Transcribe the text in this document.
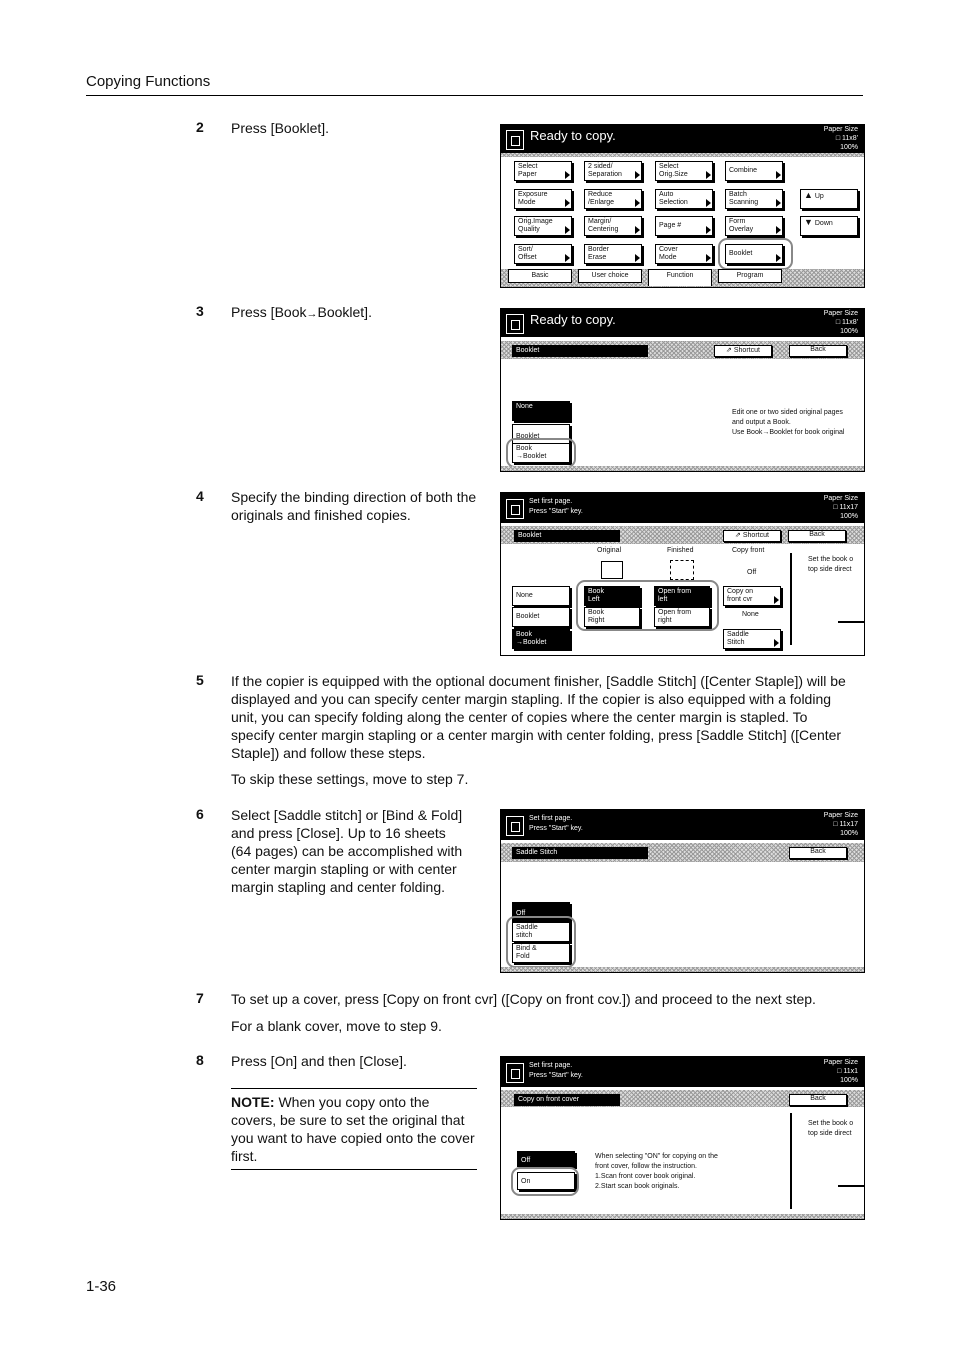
Copying Functions
2 Press [Booklet].	Ready to copy.	Paper Size
□ 11x8'
100%
Select
Paper
2 sided/
Separation
Select
Orig.Size
Combine
Exposure
Mode
Reduce
/Enlarge
Auto
Selection
Batch
Scanning
Orig.Image
Quality
Margin/
Centering
Page #
Form
Overlay
Sort/
Offset
Border
Erase
Cover
Mode
Booklet
▲ Up
▼ Down
Basic	User choice	Function	Program
3 Press [Book→Booklet].	Ready to copy.	Paper Size
□ 11x8'
100%
Booklet	⇗ Shortcut	Back
None
Booklet
Book
→Booklet
Edit one or two sided original pages
and output a Book.
Use Book→Booklet for book original
4 Specify the binding direction of both the
originals and finished copies.
Set first page.
Press "Start" key.
Paper Size
□ 11x17
100%
Booklet	⇗ Shortcut	Back
Original	Finished	Copy front
Off
None
Booklet
Book
→Booklet
Book
Left
Book
Right
Open from
left
Open from
right
Copy on
front cvr
None
Saddle
Stitch
Set the book o
top side direct
5 If the copier is equipped with the optional document finisher, [Saddle Stitch] ([Center Staple]) will be
displayed and you can specify center margin stapling. If the copier is also equipped with a folding
unit, you can specify folding along the center of copies where the center margin is stapled. To
specify center margin stapling or a center margin with center folding, press [Saddle Stitch] ([Center
Staple]) and follow these steps.
To skip these settings, move to step 7.
6 Select [Saddle stitch] or [Bind & Fold]
and press [Close]. Up to 16 sheets
(64 pages) can be accomplished with
center margin stapling or with center
margin stapling and center folding.
Set first page.
Press "Start" key.
Paper Size
□ 11x17
100%
Saddle Stitch	Back
Off
Saddle
stitch
Bind &
Fold
7 To set up a cover, press [Copy on front cvr] ([Copy on front cov.]) and proceed to the next step.
For a blank cover, move to step 9.
8 Press [On] and then [Close].
NOTE: When you copy onto the
covers, be sure to set the original that
you want to have copied onto the cover
first.
Set first page.
Press "Start" key.
Paper Size
□ 11x1
100%
Copy on front cover	Back
Off
On
When selecting "ON" for copying on the
front cover, follow the instruction.
1.Scan front cover book original.
2.Start scan book originals.
Set the book o
top side direct
1-36
